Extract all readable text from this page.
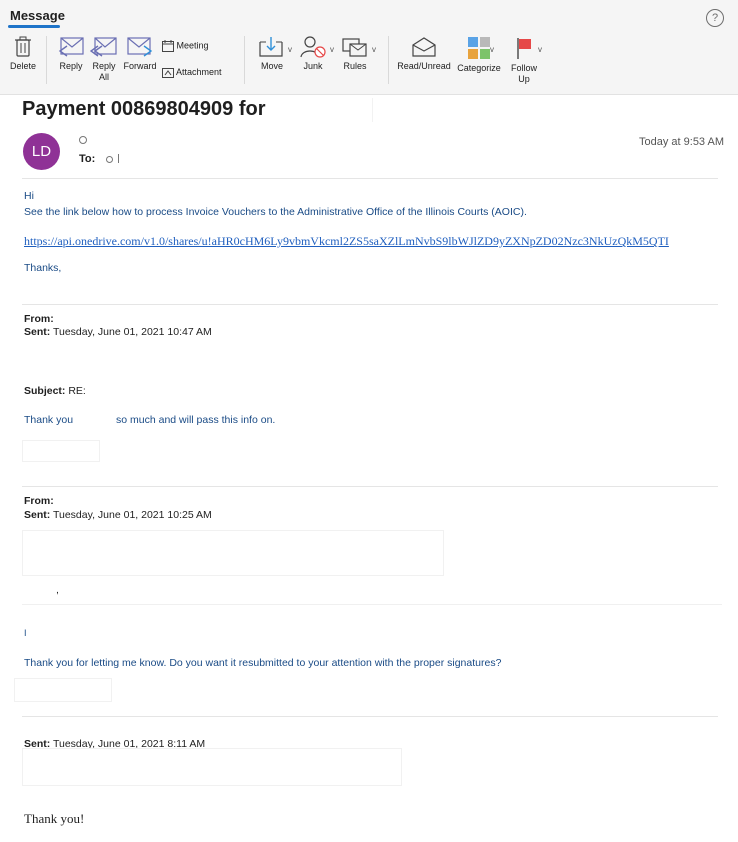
Message	?
Delete	Reply	Reply
All
Forward
Meeting
Attachment
Move
v
Junk
v
Rules
v
Read/Unread Categorize
v
Follow
Up
v
Payment 00869804909 for
LD	To:
Today at 9:53 AM
Hi
See the link below how to process Invoice Vouchers to the Administrative Office of the Illinois Courts (AOIC).
https://api.onedrive.com/v1.0/shares/u!aHR0cHM6Ly9vbmVkcml2ZS5saXZlLmNvbS9lbWJlZD9yZXNpZD02Nzc3NkUzQkM5QTI
Thanks,
From:
Sent: Tuesday, June 01, 2021 10:47 AM
Subject: RE:
Thank you	so much and will pass this info on.
From:
Sent: Tuesday, June 01, 2021 10:25 AM
,
I
Thank you for letting me know. Do you want it resubmitted to your attention with the proper signatures?
Sent: Tuesday, June 01, 2021 8:11 AM
Thank you!
